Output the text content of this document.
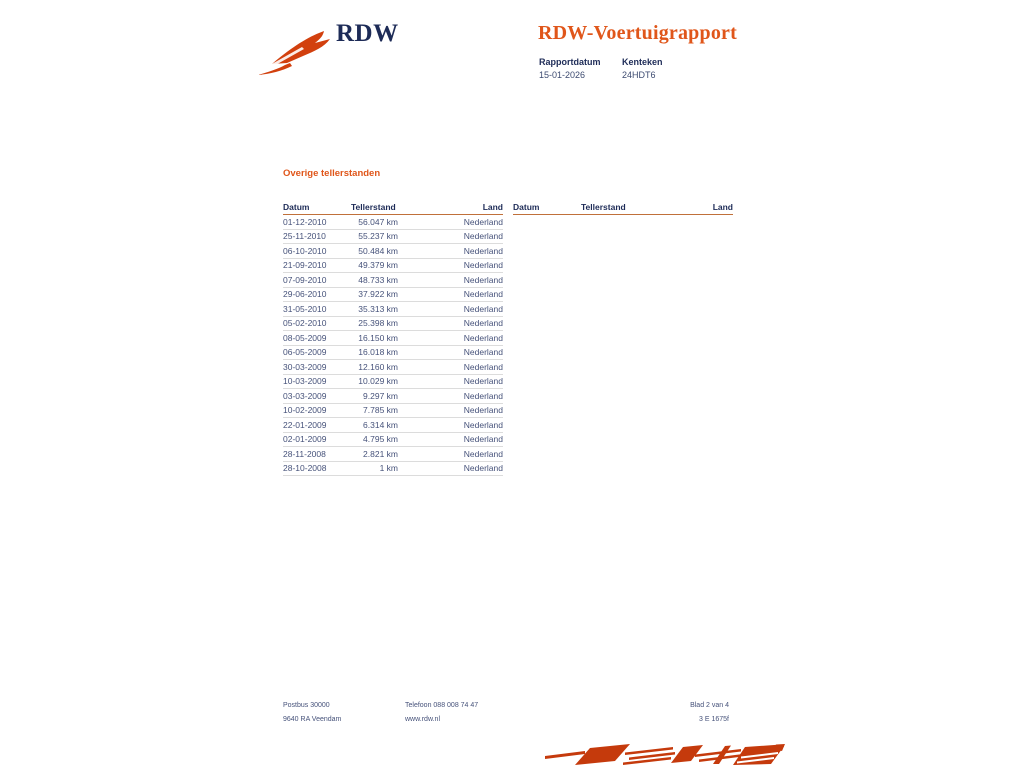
RDW	RDW-Voertuigrapport
Rapportdatum
15-01-2026
Kenteken
24HDT6
Overige tellerstanden
Datum	Tellerstand	Land
01-12-2010	56.047 km	Nederland
25-11-2010	55.237 km	Nederland
06-10-2010	50.484 km	Nederland
21-09-2010	49.379 km	Nederland
07-09-2010	48.733 km	Nederland
29-06-2010	37.922 km	Nederland
31-05-2010	35.313 km	Nederland
05-02-2010	25.398 km	Nederland
08-05-2009	16.150 km	Nederland
06-05-2009	16.018 km	Nederland
30-03-2009	12.160 km	Nederland
10-03-2009	10.029 km	Nederland
03-03-2009	9.297 km	Nederland
10-02-2009	7.785 km	Nederland
22-01-2009	6.314 km	Nederland
02-01-2009	4.795 km	Nederland
28-11-2008	2.821 km	Nederland
28-10-2008	1 km	Nederland
Datum	Tellerstand	Land
Postbus 30000
9640 RA Veendam
Telefoon 088 008 74 47
www.rdw.nl
Blad 2 van 4
3 E 1675f
